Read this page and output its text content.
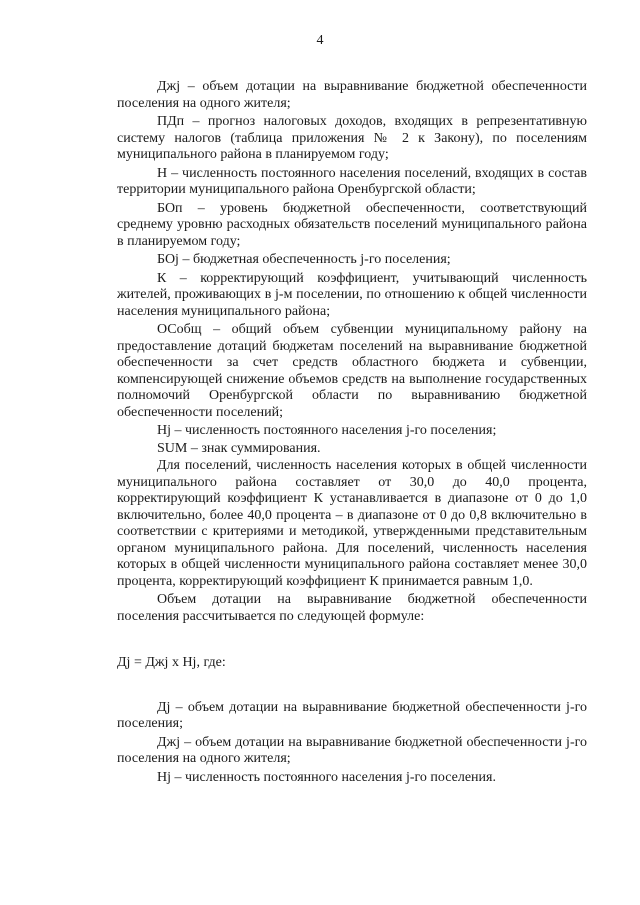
4

Джj – объем дотации на выравнивание бюджетной обеспеченности поселения на одного жителя;

ПДп – прогноз налоговых доходов, входящих в репрезентативную систему налогов (таблица приложения № 2 к Закону), по поселениям муниципального района в планируемом году;

Н – численность постоянного населения поселений, входящих в состав территории муниципального района Оренбургской области;

БОп – уровень бюджетной обеспеченности, соответствующий среднему уровню расходных обязательств поселений муниципального района в планируемом году;

БОj – бюджетная обеспеченность j-го поселения;

К – корректирующий коэффициент, учитывающий численность жителей, проживающих в j-м поселении, по отношению к общей численности населения муниципального района;

ОСобщ – общий объем субвенции муниципальному району на предоставление дотаций бюджетам поселений на выравнивание бюджетной обеспеченности за счет средств областного бюджета и субвенции, компенсирующей снижение объемов средств на выполнение государственных полномочий Оренбургской области по выравниванию бюджетной обеспеченности поселений;

Нj – численность постоянного населения j-го поселения;

SUM – знак суммирования.

Для поселений, численность населения которых в общей численности муниципального района составляет от 30,0 до 40,0 процента, корректирующий коэффициент К устанавливается в диапазоне от 0 до 1,0 включительно, более 40,0 процента – в диапазоне от 0 до 0,8 включительно в соответствии с критериями и методикой, утвержденными представительным органом муниципального района. Для поселений, численность населения которых в общей численности муниципального района составляет менее 30,0 процента, корректирующий коэффициент К принимается равным 1,0.

Объем дотации на выравнивание бюджетной обеспеченности поселения рассчитывается по следующей формуле:

Дj = Джj х Нj, где:

Дj – объем дотации на выравнивание бюджетной обеспеченности j-го поселения;

Джj – объем дотации на выравнивание бюджетной обеспеченности j-го поселения на одного жителя;

Нj – численность постоянного населения j-го поселения.
